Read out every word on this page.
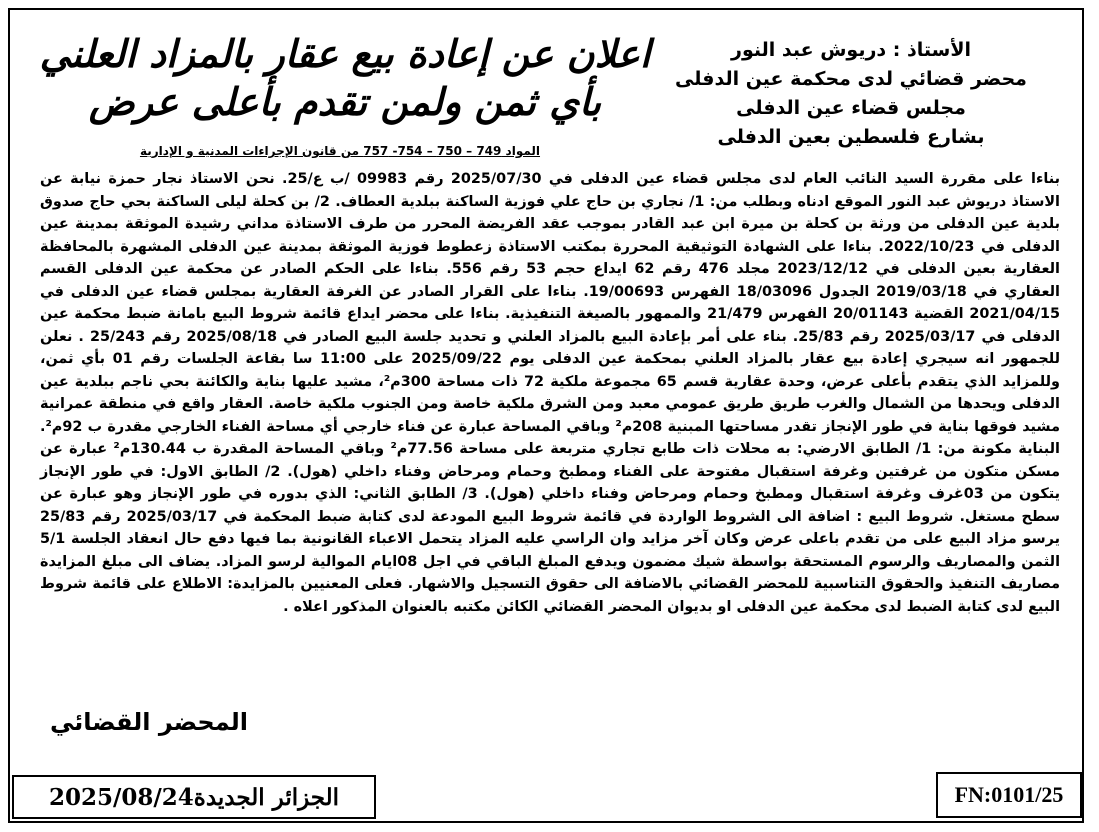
اعلان عن إعادة بيع عقار بالمزاد العلني
بأي ثمن ولمن تقدم بأعلى عرض
المواد 749 – 750 – 754- 757 من قانون الإجراءات المدنية و الإدارية
الأستاذ : دريوش عبد النور
محضر قضائي لدى محكمة عين الدفلى
مجلس قضاء عين الدفلى
بشارع فلسطين بعين الدفلى
بناءا على مقررة السيد النائب العام لدى مجلس قضاء عين الدفلى في 2025/07/30 رقم 09983 /ب ع/25. نحن الاستاذ نجار حمزة نيابة عن الاستاذ دريوش عبد النور الموقع ادناه وبطلب من: 1/ نجاري بن حاج علي فوزية الساكنة ببلدية العطاف. 2/ بن كحلة ليلى الساكنة بحي حاج صدوق بلدية عين الدفلى من ورثة بن كحلة بن ميرة ابن عبد القادر بموجب عقد الفريضة المحرر من طرف الاستاذة مداني رشيدة الموثقة بمدينة عين الدفلى في 2022/10/23. بناءا على الشهادة التوثيقية المحررة بمكتب الاستاذة زعطوط فوزية الموثقة بمدينة عين الدفلى المشهرة بالمحافظة العقارية بعين الدفلى في 2023/12/12 مجلد 476 رقم 62 ايداع حجم 53 رقم 556. بناءا على الحكم الصادر عن محكمة عين الدفلى القسم العقاري في 2019/03/18 الجدول 18/03096 الفهرس 19/00693. بناءا على القرار الصادر عن الغرفة العقارية بمجلس قضاء عين الدفلى في 2021/04/15 القضية 20/01143 الفهرس 21/479 والممهور بالصيغة التنفيذية. بناءا على محضر ايداع قائمة شروط البيع بامانة ضبط محكمة عين الدفلى في 2025/03/17 رقم 25/83. بناء على أمر بإعادة البيع بالمزاد العلني و تحديد جلسة البيع الصادر في 2025/08/18 رقم 25/243 . نعلن للجمهور انه سيجري إعادة بيع عقار بالمزاد العلني بمحكمة عين الدفلى يوم 2025/09/22 على 11:00 سا بقاعة الجلسات رقم 01 بأي ثمن، وللمزايد الذي يتقدم بأعلى عرض، وحدة عقارية قسم 65 مجموعة ملكية 72 ذات مساحة 300م²، مشيد عليها بناية والكائنة بحي ناجم ببلدية عين الدفلى ويحدها من الشمال والغرب طريق طريق عمومي معبد ومن الشرق ملكية خاصة ومن الجنوب ملكية خاصة. العقار واقع في منطقة عمرانية مشيد فوقها بناية في طور الإنجاز تقدر مساحتها المبنية 208م² وباقي المساحة عبارة عن فناء خارجي أي مساحة الفناء الخارجي مقدرة ب 92م². البناية مكونة من: 1/ الطابق الارضي: به محلات ذات طابع تجاري متربعة على مساحة 77.56م² وباقي المساحة المقدرة ب 130.44م² عبارة عن مسكن متكون من غرفتين وغرفة استقبال مفتوحة على الفناء ومطبخ وحمام ومرحاض وفناء داخلي (هول). 2/ الطابق الاول: في طور الإنجاز يتكون من 03غرف وغرفة استقبال ومطبخ وحمام ومرحاض وفناء داخلي (هول). 3/ الطابق الثاني: الذي بدوره في طور الإنجاز وهو عبارة عن سطح مستغل. شروط البيع : اضافة الى الشروط الواردة في قائمة شروط البيع المودعة لدى كتابة ضبط المحكمة في 2025/03/17 رقم 25/83 يرسو مزاد البيع على من تقدم باعلى عرض وكان آخر مزايد وان الراسي عليه المزاد يتحمل الاعباء القانونية بما فيها دفع حال انعقاد الجلسة 5/1 الثمن والمصاريف والرسوم المستحقة بواسطة شيك مضمون ويدفع المبلغ الباقي في اجل 08ايام الموالية لرسو المزاد. يضاف الى مبلغ المزايدة مصاريف التنفيذ والحقوق التناسبية للمحضر القضائي بالاضافة الى حقوق التسجيل والاشهار. فعلى المعنيين بالمزايدة: الاطلاع على قائمة شروط البيع لدى كتابة الضبط لدى محكمة عين الدفلى او بديوان المحضر القضائي الكائن مكتبه بالعنوان المذكور اعلاه .
المحضر القضائي
الجزائر الجديدة
2025/08/24	FN:0101/25
